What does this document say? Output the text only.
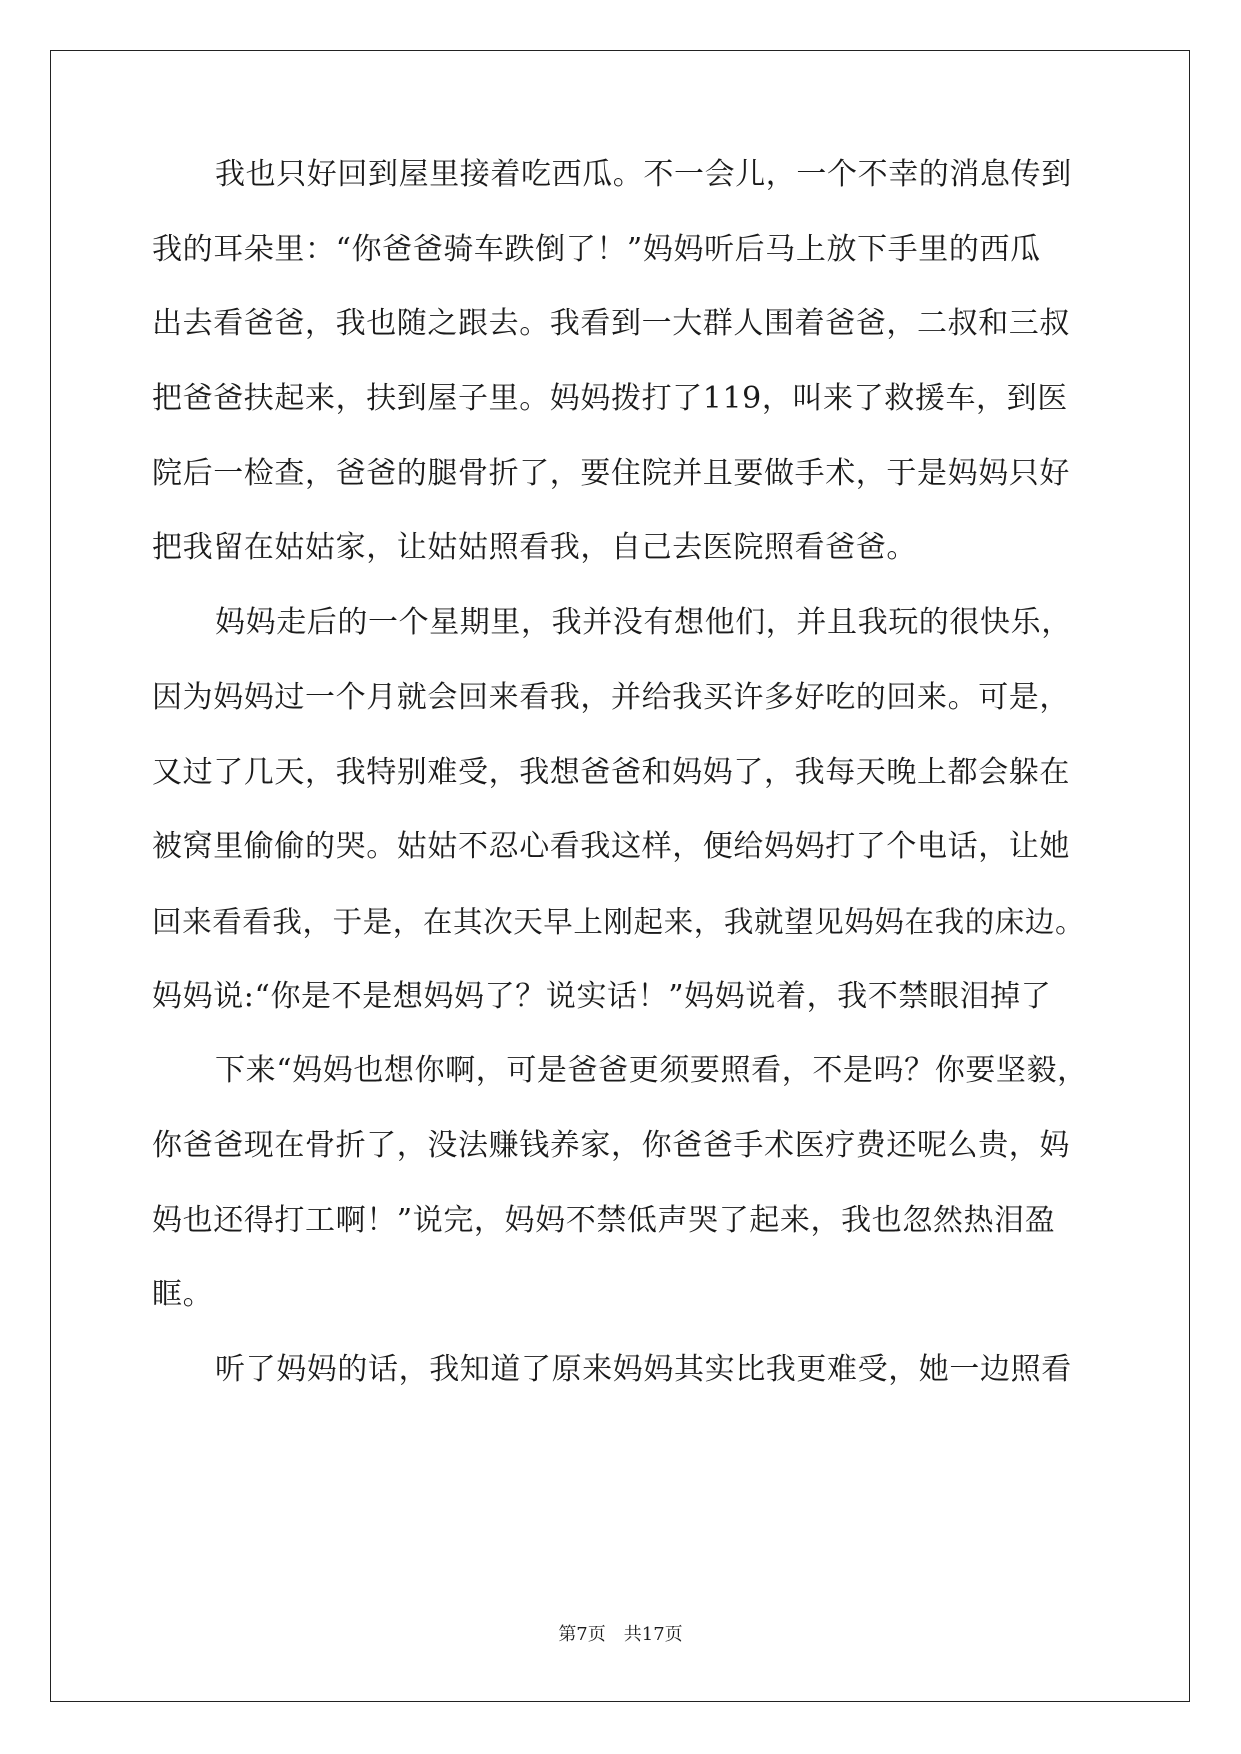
我也只好回到屋里接着吃西瓜。不一会儿，一个不幸的消息传到

我的耳朵里：“你爸爸骑车跌倒了！”妈妈听后马上放下手里的西瓜

出去看爸爸，我也随之跟去。我看到一大群人围着爸爸，二叔和三叔

把爸爸扶起来，扶到屋子里。妈妈拨打了119，叫来了救援车，到医

院后一检查，爸爸的腿骨折了，要住院并且要做手术，于是妈妈只好

把我留在姑姑家，让姑姑照看我，自己去医院照看爸爸。

妈妈走后的一个星期里，我并没有想他们，并且我玩的很快乐，

因为妈妈过一个月就会回来看我，并给我买许多好吃的回来。可是，

又过了几天，我特别难受，我想爸爸和妈妈了，我每天晚上都会躲在

被窝里偷偷的哭。姑姑不忍心看我这样，便给妈妈打了个电话，让她

回来看看我，于是，在其次天早上刚起来，我就望见妈妈在我的床边。

妈妈说:“你是不是想妈妈了？说实话！”妈妈说着，我不禁眼泪掉了

下来“妈妈也想你啊，可是爸爸更须要照看，不是吗？你要坚毅，

你爸爸现在骨折了，没法赚钱养家，你爸爸手术医疗费还呢么贵，妈

妈也还得打工啊！”说完，妈妈不禁低声哭了起来，我也忽然热泪盈

眶。

听了妈妈的话，我知道了原来妈妈其实比我更难受，她一边照看

第7页 共17页
